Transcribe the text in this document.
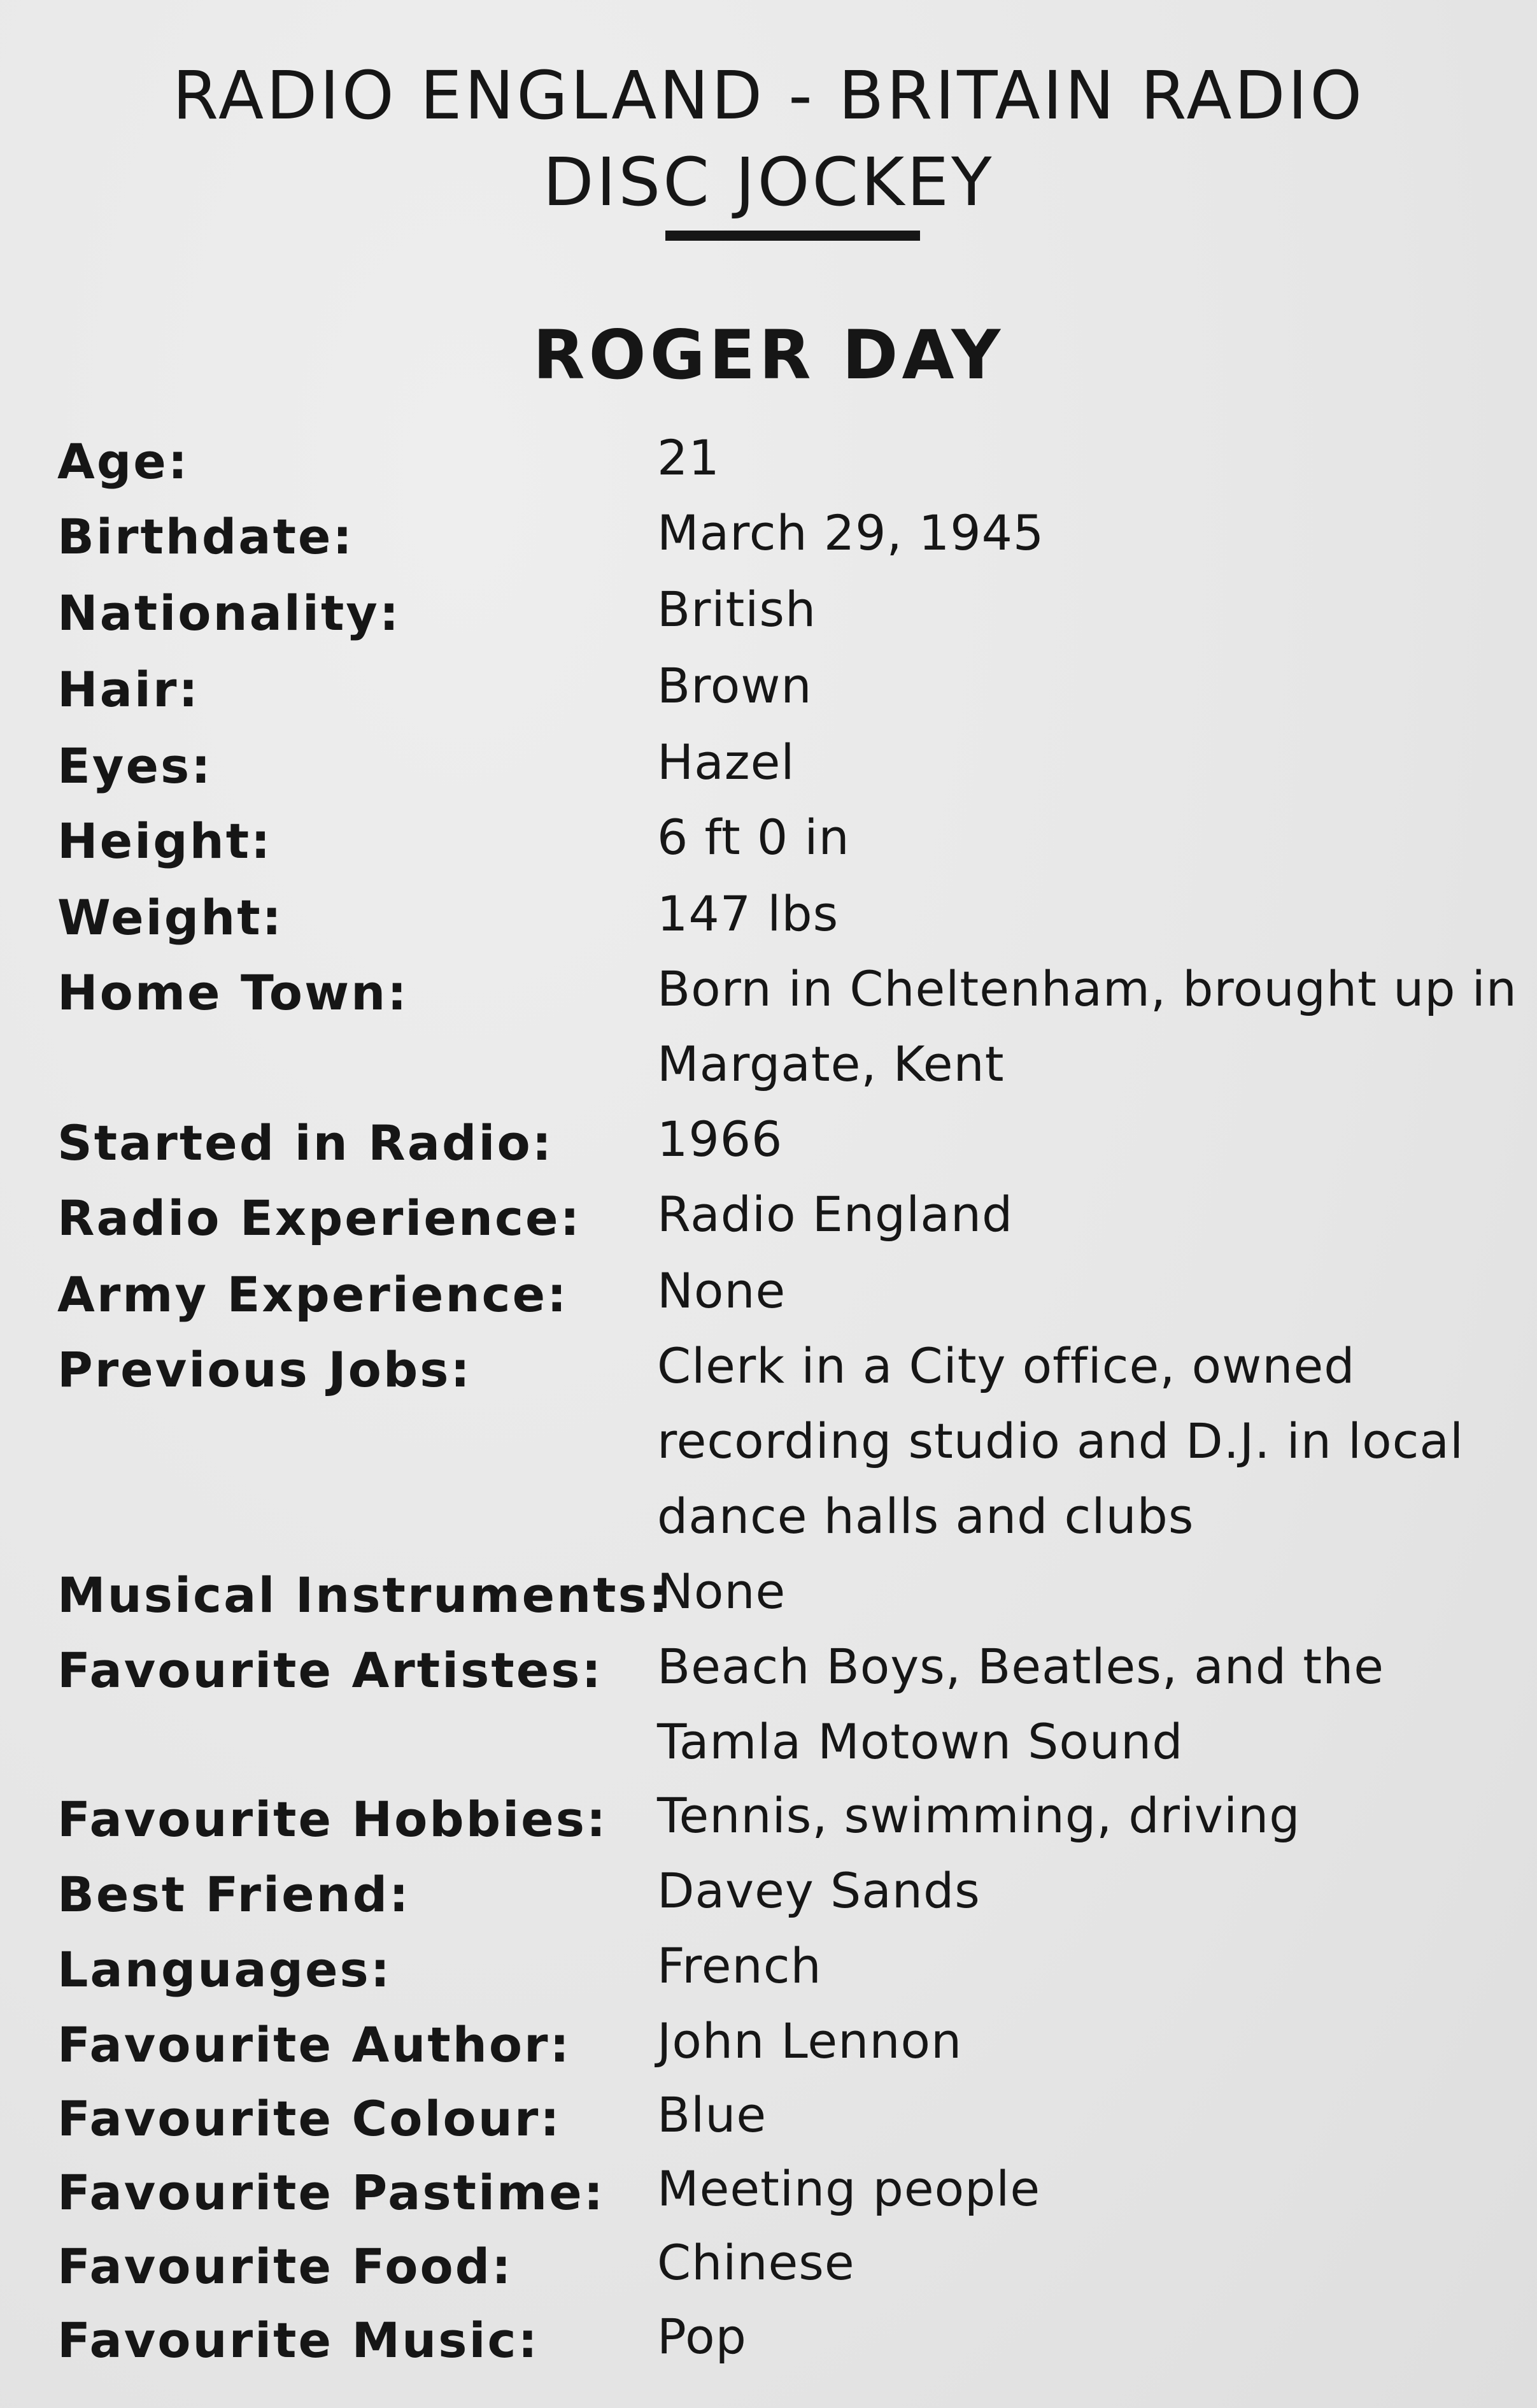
RADIO ENGLAND - BRITAIN RADIO
DISC JOCKEY
ROGER DAY
Age:	21
Birthdate:	March 29, 1945
Nationality:	British
Hair:	Brown
Eyes:	Hazel
Height:	6 ft 0 in
Weight:	147 lbs
Home Town:	Born in Cheltenham, brought up in Margate, Kent
Started in Radio: 1966
Radio Experience: Radio England
Army Experience: None
Previous Jobs:	Clerk in a City office, owned recording studio and D.J. in local dance halls and clubs
Musical Instruments:
None
Favourite Artistes: Beach Boys, Beatles, and the Tamla Motown Sound
Favourite Hobbies: Tennis, swimming, driving
Best Friend:	Davey Sands
Languages:	French
Favourite Author: John Lennon
Favourite Colour: Blue
Favourite Pastime: Meeting people
Favourite Food:	Chinese
Favourite Music: Pop
